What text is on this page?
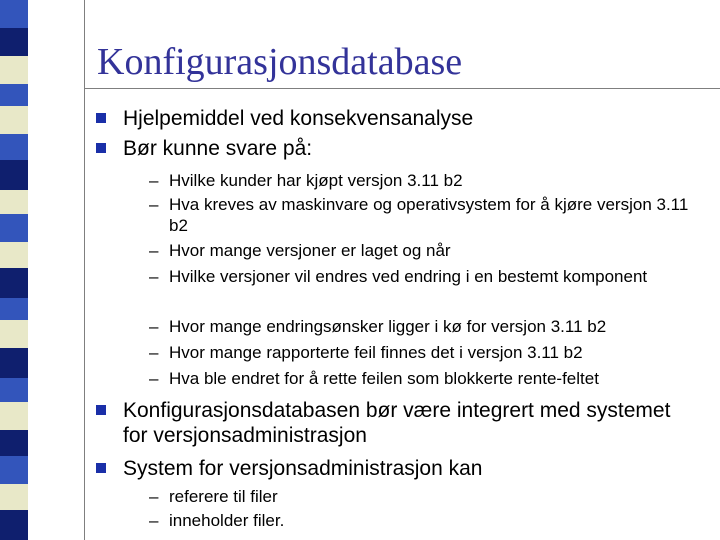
Konfigurasjonsdatabase
Hjelpemiddel ved konsekvensanalyse
Bør kunne svare på:
– Hvilke kunder har kjøpt versjon 3.11 b2
– Hva kreves av maskinvare og operativsystem for å kjøre versjon 3.11 b2
– Hvor mange versjoner er laget og når
– Hvilke versjoner vil endres ved endring i en bestemt komponent
– Hvor mange endringsønsker ligger i kø for versjon 3.11 b2
– Hvor mange rapporterte feil finnes det i versjon 3.11 b2
– Hva ble endret for å rette feilen som blokkerte rente-feltet
Konfigurasjonsdatabasen bør være integrert med systemet for versjonsadministrasjon
System for versjonsadministrasjon kan
– referere til filer
– inneholder filer.
